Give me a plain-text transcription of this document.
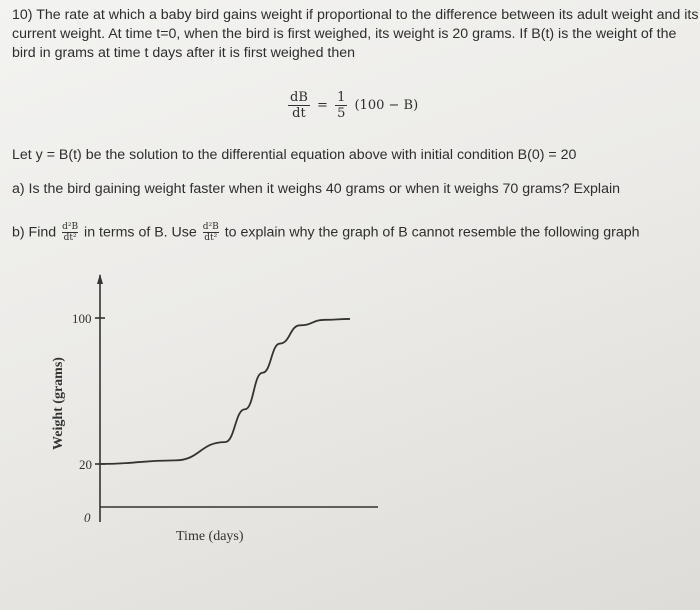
10) The rate at which a baby bird gains weight if proportional to the difference between its adult weight and its current weight. At time t=0, when the bird is first weighed, its weight is 20 grams. If B(t) is the weight of the bird in grams at time t days after it is first weighed then
$\frac{dB}{dt} = \frac{1}{5} (100 - B)$
Let y = B(t) be the solution to the differential equation above with initial condition B(0) = 20
a) Is the bird gaining weight faster when it weighs 40 grams or when it weighs 70 grams? Explain
b) Find $\frac{\text{d²B}}{\text{dt²}}$ in terms of B. Use $\frac{\text{d²B}}{\text{dt²}}$ to explain why the graph of B cannot resemble the following graph
100
20
0
Time (days)
Weight (grams)
